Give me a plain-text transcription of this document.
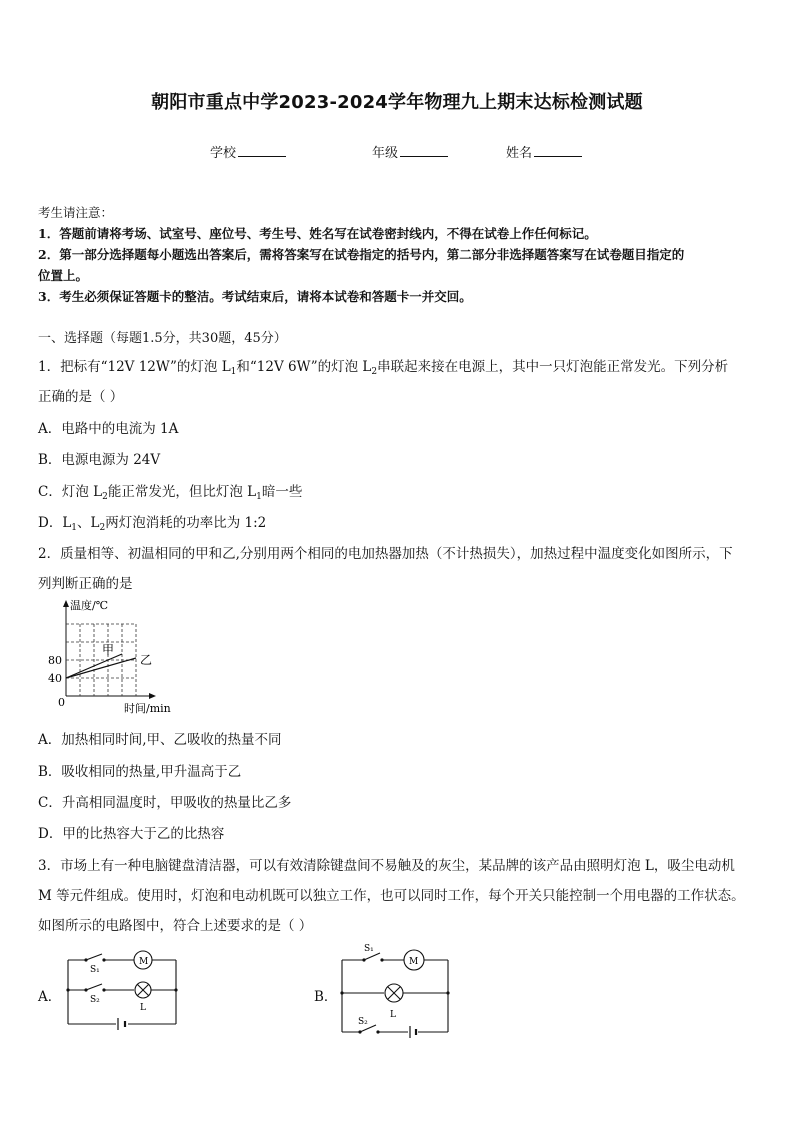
朝阳市重点中学2023-2024学年物理九上期末达标检测试题
学校	年级	姓名
考生请注意：
1．答题前请将考场、试室号、座位号、考生号、姓名写在试卷密封线内，不得在试卷上作任何标记。
2．第一部分选择题每小题选出答案后，需将答案写在试卷指定的括号内，第二部分非选择题答案写在试卷题目指定的
位置上。
3．考生必须保证答题卡的整洁。考试结束后，请将本试卷和答题卡一并交回。
一、选择题（每题1.5分，共30题，45分）
1．把标有“12V 12W”的灯泡 $L_1$和“12V 6W”的灯泡 $L_2$串联起来接在电源上，其中一只灯泡能正常发光。下列分析
正确的是（ ）
A．电路中的电流为 1A
B．电源电源为 24V
C．灯泡 $L_2$能正常发光，但比灯泡 $L_1$暗一些
D．$L_1$、$L_2$两灯泡消耗的功率比为 1:2
2．质量相等、初温相同的甲和乙,分别用两个相同的电加热器加热（不计热损失），加热过程中温度变化如图所示，下
列判断正确的是
温度/℃
80
40
0
甲
乙
时间/min
A．加热相同时间,甲、乙吸收的热量不同
B．吸收相同的热量,甲升温高于乙
C．升高相同温度时，甲吸收的热量比乙多
D．甲的比热容大于乙的比热容
3．市场上有一种电脑键盘清洁器，可以有效清除键盘间不易触及的灰尘，某品牌的该产品由照明灯泡 L，吸尘电动机
M 等元件组成。使用时，灯泡和电动机既可以独立工作，也可以同时工作，每个开关只能控制一个用电器的工作状态。
如图所示的电路图中，符合上述要求的是（ ）
A．
S₁
S₂
M
L
B．
S₁
M
L
S₂
